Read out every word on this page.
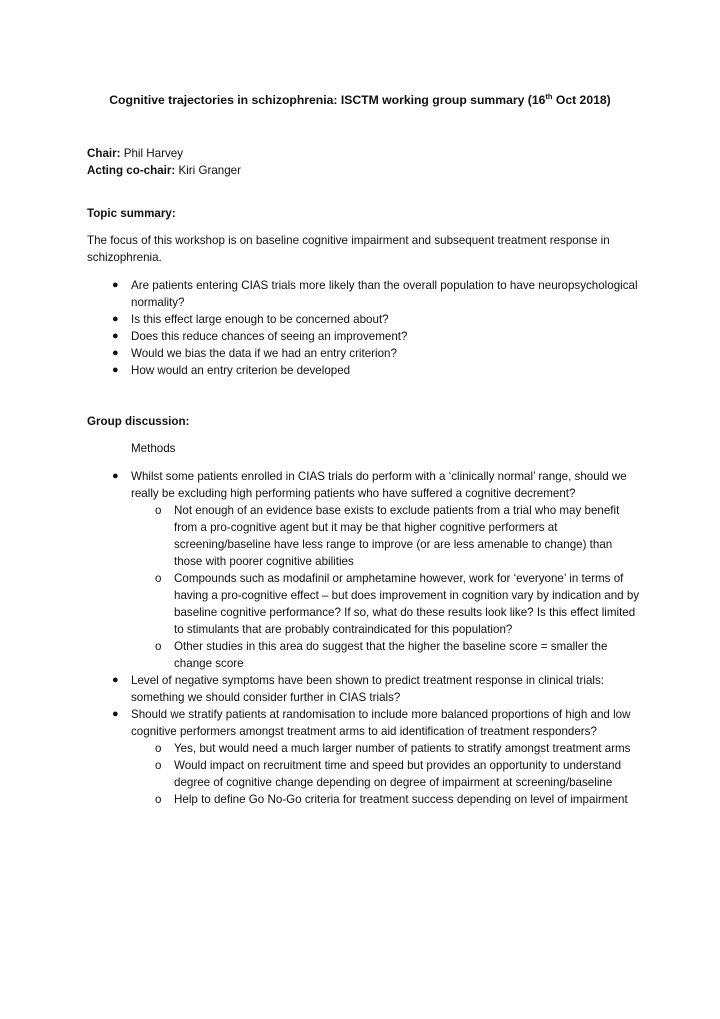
Cognitive trajectories in schizophrenia: ISCTM working group summary (16th Oct 2018)
Chair: Phil Harvey
Acting co-chair: Kiri Granger
Topic summary:
The focus of this workshop is on baseline cognitive impairment and subsequent treatment response in schizophrenia.
● Are patients entering CIAS trials more likely than the overall population to have neuropsychological normality?
● Is this effect large enough to be concerned about?
● Does this reduce chances of seeing an improvement?
● Would we bias the data if we had an entry criterion?
● How would an entry criterion be developed
Group discussion:
Methods
● Whilst some patients enrolled in CIAS trials do perform with a ‘clinically normal’ range, should we really be excluding high performing patients who have suffered a cognitive decrement?
o Not enough of an evidence base exists to exclude patients from a trial who may benefit from a pro-cognitive agent but it may be that higher cognitive performers at screening/baseline have less range to improve (or are less amenable to change) than those with poorer cognitive abilities
o Compounds such as modafinil or amphetamine however, work for ‘everyone’ in terms of having a pro-cognitive effect – but does improvement in cognition vary by indication and by baseline cognitive performance? If so, what do these results look like? Is this effect limited to stimulants that are probably contraindicated for this population?
o Other studies in this area do suggest that the higher the baseline score = smaller the change score
● Level of negative symptoms have been shown to predict treatment response in clinical trials: something we should consider further in CIAS trials?
● Should we stratify patients at randomisation to include more balanced proportions of high and low cognitive performers amongst treatment arms to aid identification of treatment responders?
o Yes, but would need a much larger number of patients to stratify amongst treatment arms
o Would impact on recruitment time and speed but provides an opportunity to understand degree of cognitive change depending on degree of impairment at screening/baseline
o Help to define Go No-Go criteria for treatment success depending on level of impairment
